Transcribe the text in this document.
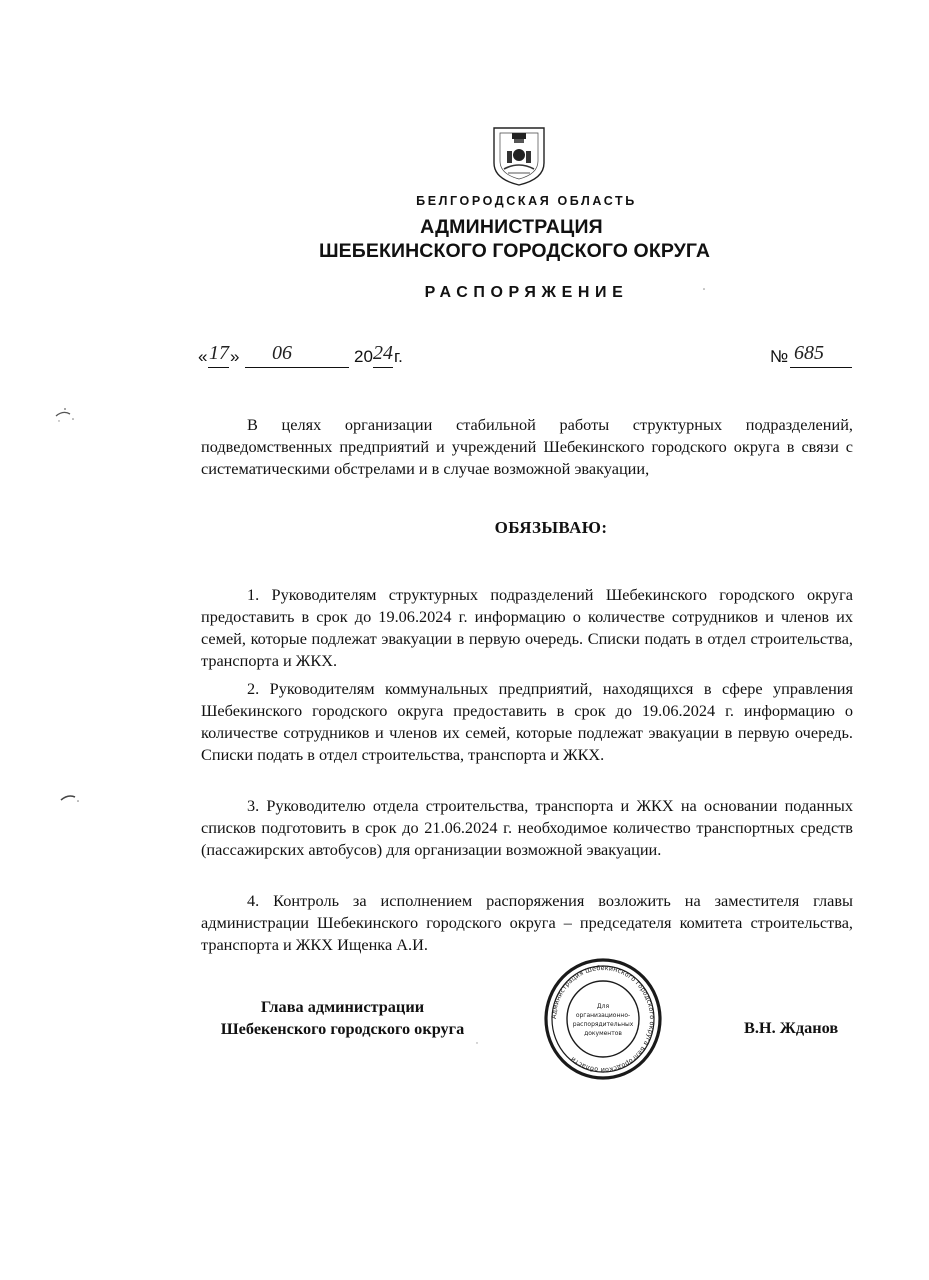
БЕЛГОРОДСКАЯ ОБЛАСТЬ
АДМИНИСТРАЦИЯ
ШЕБЕКИНСКОГО ГОРОДСКОГО ОКРУГА
РАСПОРЯЖЕНИЕ
« 17 » 06	20 24 г.	№ 685

В целях организации стабильной работы структурных подразделений, подведомственных предприятий и учреждений Шебекинского городского округа в связи с систематическими обстрелами и в случае возможной эвакуации,

ОБЯЗЫВАЮ:

1. Руководителям структурных подразделений Шебекинского городского округа предоставить в срок до 19.06.2024 г. информацию о количестве сотрудников и членов их семей, которые подлежат эвакуации в первую очередь. Списки подать в отдел строительства, транспорта и ЖКХ.

2. Руководителям коммунальных предприятий, находящихся в сфере управления Шебекинского городского округа предоставить в срок до 19.06.2024 г. информацию о количестве сотрудников и членов их семей, которые подлежат эвакуации в первую очередь. Списки подать в отдел строительства, транспорта и ЖКХ.

3. Руководителю отдела строительства, транспорта и ЖКХ на основании поданных списков подготовить в срок до 21.06.2024 г. необходимое количество транспортных средств (пассажирских автобусов) для организации возможной эвакуации.

4. Контроль за исполнением распоряжения возложить на заместителя главы администрации Шебекинского городского округа – председателя комитета строительства, транспорта и ЖКХ Ищенка А.И.

Глава администрации
Шебекенского городского округа	В.Н. Жданов
Администрация Шебекинского городского округа Белгородской области
Для
организационно-
распорядительных
документов
